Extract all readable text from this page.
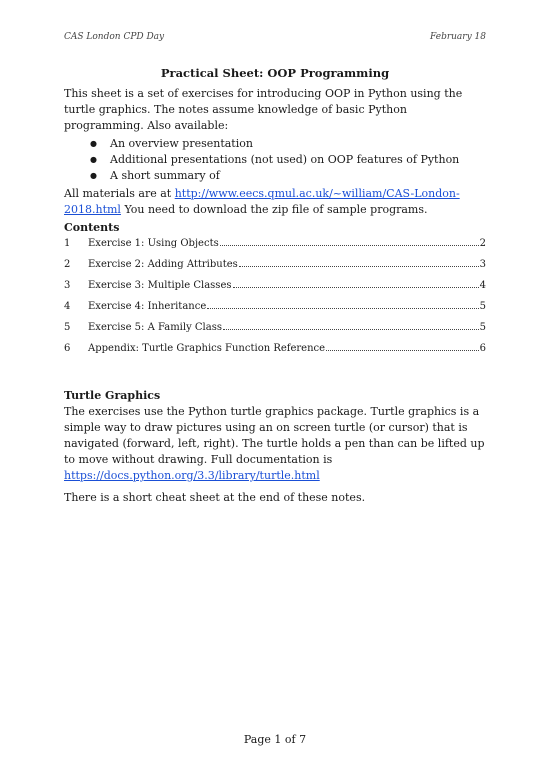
CAS London CPD Day	February 18
Practical Sheet: OOP Programming

This sheet is a set of exercises for introducing OOP in Python using the turtle graphics. The notes assume knowledge of basic Python programming. Also available:

● An overview presentation
● Additional presentations (not used) on OOP features of Python
● A short summary of

All materials are at http://www.eecs.qmul.ac.uk/~william/CAS-London-2018.html You need to download the zip file of sample programs.

Contents
1	Exercise 1: Using Objects	2
2	Exercise 2: Adding Attributes	3
3	Exercise 3: Multiple Classes	4
4	Exercise 4: Inheritance	5
5	Exercise 5: A Family Class	5
6	Appendix: Turtle Graphics Function Reference	6
Turtle Graphics

The exercises use the Python turtle graphics package. Turtle graphics is a simple way to draw pictures using an on screen turtle (or cursor) that is navigated (forward, left, right). The turtle holds a pen than can be lifted up to move without drawing. Full documentation is https://docs.python.org/3.3/library/turtle.html

There is a short cheat sheet at the end of these notes.

Page 1 of 7
